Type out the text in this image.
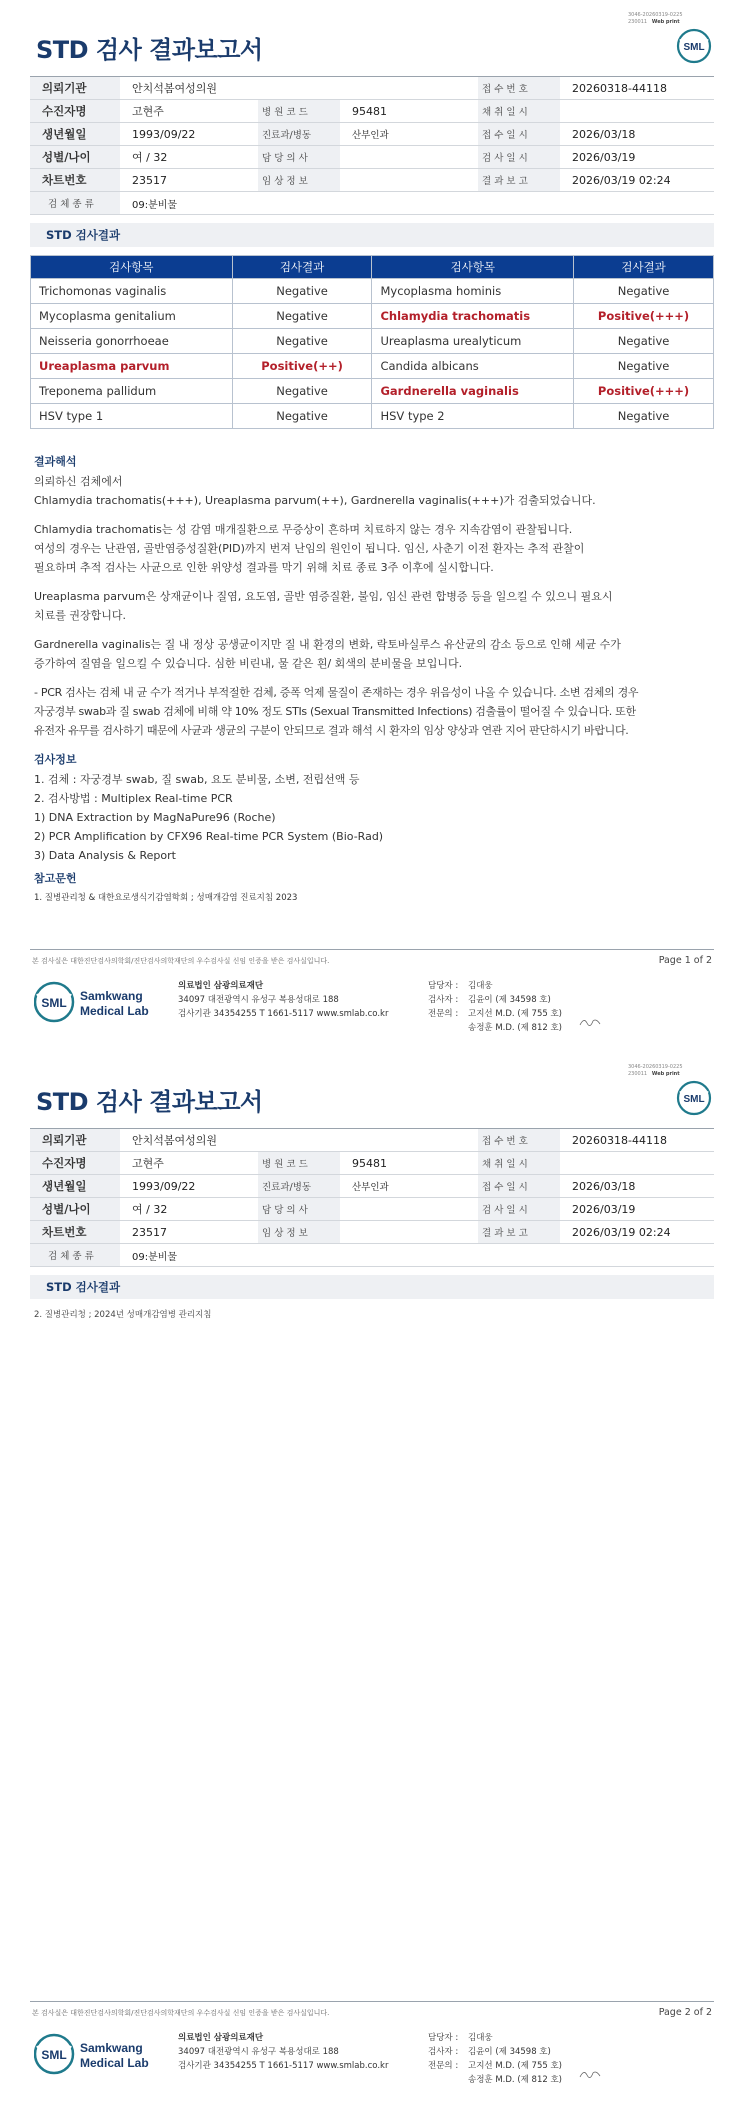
3046-20260319-0225
230011 Web print
STD 검사 결과보고서	SML
의뢰기관	안치석봄여성의원			접 수 번 호	20260318-44118
수진자명	고현주	병 원 코 드	95481	채 취 일 시	
생년월일	1993/09/22	진료과/병동	산부인과	접 수 일 시	2026/03/18
성별/나이	여 / 32	담 당 의 사		검 사 일 시	2026/03/19
차트번호	23517	임 상 정 보		결 과 보 고	2026/03/19 02:24
검 체 종 류	09:분비물				
STD 검사결과
검사항목	검사결과	검사항목	검사결과
Trichomonas vaginalis	Negative	Mycoplasma hominis	Negative
Mycoplasma genitalium	Negative	Chlamydia trachomatis	Positive(+++)
Neisseria gonorrhoeae	Negative	Ureaplasma urealyticum	Negative
Ureaplasma parvum	Positive(++)	Candida albicans	Negative
Treponema pallidum	Negative	Gardnerella vaginalis	Positive(+++)
HSV type 1	Negative	HSV type 2	Negative
결과해석

의뢰하신 검체에서

Chlamydia trachomatis(+++), Ureaplasma parvum(++), Gardnerella vaginalis(+++)가 검출되었습니다.

Chlamydia trachomatis는 성 감염 매개질환으로 무증상이 흔하며 치료하지 않는 경우 지속감염이 관찰됩니다.

여성의 경우는 난관염, 골반염증성질환(PID)까지 번져 난임의 원인이 됩니다. 임신, 사춘기 이전 환자는 추적 관찰이

필요하며 추적 검사는 사균으로 인한 위양성 결과를 막기 위해 치료 종료 3주 이후에 실시합니다.

Ureaplasma parvum은 상재균이나 질염, 요도염, 골반 염증질환, 불임, 임신 관련 합병증 등을 일으킬 수 있으니 필요시

치료를 권장합니다.

Gardnerella vaginalis는 질 내 정상 공생균이지만 질 내 환경의 변화, 락토바실루스 유산균의 감소 등으로 인해 세균 수가

증가하여 질염을 일으킬 수 있습니다. 심한 비린내, 물 같은 흰/ 회색의 분비물을 보입니다.

- PCR 검사는 검체 내 균 수가 적거나 부적절한 검체, 증폭 억제 물질이 존재하는 경우 위음성이 나올 수 있습니다. 소변 검체의 경우

자궁경부 swab과 질 swab 검체에 비해 약 10% 정도 STIs (Sexual Transmitted Infections) 검출률이 떨어질 수 있습니다. 또한

유전자 유무를 검사하기 때문에 사균과 생균의 구분이 안되므로 결과 해석 시 환자의 임상 양상과 연관 지어 판단하시기 바랍니다.

검사정보

1. 검체 : 자궁경부 swab, 질 swab, 요도 분비물, 소변, 전립선액 등

2. 검사방법 : Multiplex Real-time PCR

1) DNA Extraction by MagNaPure96 (Roche)

2) PCR Amplification by CFX96 Real-time PCR System (Bio-Rad)

3) Data Analysis & Report

참고문헌

1. 질병관리청 & 대한요로생식기감염학회 ; 성매개감염 진료지침 2023

본 검사실은 대한진단검사의학회/진단검사의학재단의 우수검사실 신임 인증을 받은 검사실입니다.	Page 1 of 2
SML Samkwang
Medical Lab
의료법인 삼광의료재단
34097 대전광역시 유성구 복용성대로 188
검사기관 34354255 T 1661-5117 www.smlab.co.kr
담당자 : 김대웅
검사자 : 김윤이 (제 34598 호)
전문의 : 고지선 M.D. (제 755 호)
송정훈 M.D. (제 812 호)
3046-20260319-0225
230011 Web print
STD 검사 결과보고서	SML
의뢰기관	안치석봄여성의원			접 수 번 호	20260318-44118
수진자명	고현주	병 원 코 드	95481	채 취 일 시	
생년월일	1993/09/22	진료과/병동	산부인과	접 수 일 시	2026/03/18
성별/나이	여 / 32	담 당 의 사		검 사 일 시	2026/03/19
차트번호	23517	임 상 정 보		결 과 보 고	2026/03/19 02:24
검 체 종 류	09:분비물				
STD 검사결과
2. 질병관리청 ; 2024년 성매개감염병 관리지침
본 검사실은 대한진단검사의학회/진단검사의학재단의 우수검사실 신임 인증을 받은 검사실입니다.	Page 2 of 2
SML Samkwang
Medical Lab
의료법인 삼광의료재단
34097 대전광역시 유성구 복용성대로 188
검사기관 34354255 T 1661-5117 www.smlab.co.kr
담당자 : 김대웅
검사자 : 김윤이 (제 34598 호)
전문의 : 고지선 M.D. (제 755 호)
송정훈 M.D. (제 812 호)
